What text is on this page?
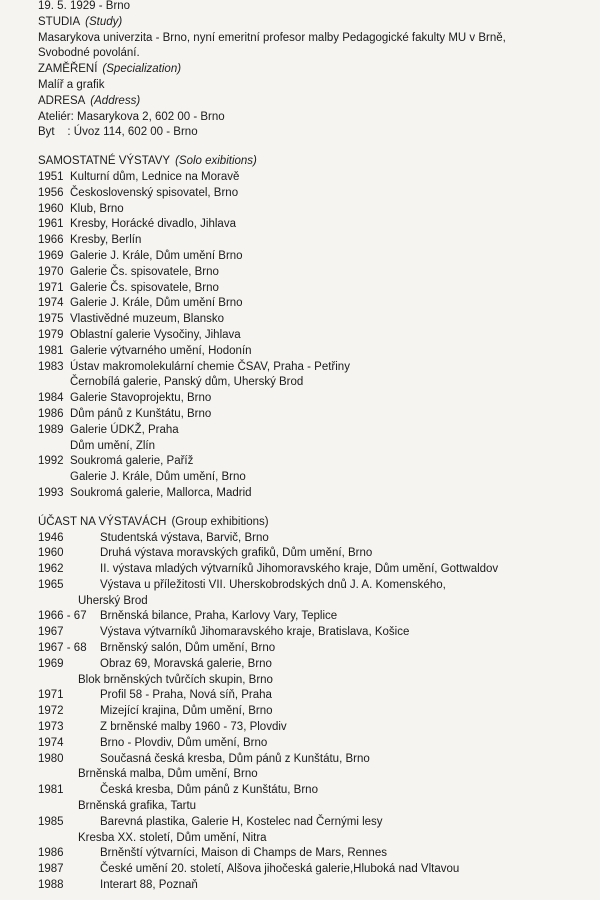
19. 5. 1929 - Brno
STUDIA (Study)
Masarykova univerzita - Brno, nyní emeritní profesor malby Pedagogické fakulty MU v Brně,
Svobodné povolání.
ZAMĚŘENÍ (Specialization)
Malíř a grafik
ADRESA (Address)
Ateliér: Masarykova 2, 602 00 - Brno
Byt    : Úvoz 114, 602 00 - Brno
SAMOSTATNÉ VÝSTAVY (Solo exibitions)
1951 Kulturní dům, Lednice na Moravě
1956 Československý spisovatel, Brno
1960 Klub, Brno
1961 Kresby, Horácké divadlo, Jihlava
1966 Kresby, Berlín
1969 Galerie J. Krále, Dům umění Brno
1970 Galerie Čs. spisovatele, Brno
1971 Galerie Čs. spisovatele, Brno
1974 Galerie J. Krále, Dům umění Brno
1975 Vlastivědné muzeum, Blansko
1979 Oblastní galerie Vysočiny, Jihlava
1981 Galerie výtvarného umění, Hodonín
1983 Ústav makromolekulární chemie ČSAV, Praha - Petřiny
Černobílá galerie, Panský dům, Uherský Brod
1984 Galerie Stavoprojektu, Brno
1986 Dům pánů z Kunštátu, Brno
1989 Galerie ÚDKŽ, Praha
Dům umění, Zlín
1992 Soukromá galerie, Paříž
Galerie J. Krále, Dům umění, Brno
1993 Soukromá galerie, Mallorca, Madrid
ÚČAST NA VÝSTAVÁCH (Group exhibitions)
1946	Studentská výstava, Barvič, Brno
1960	Druhá výstava moravských grafiků, Dům umění, Brno
1962	II. výstava mladých výtvarníků Jihomoravského kraje, Dům umění, Gottwaldov
1965	Výstava u příležitosti VII. Uherskobrodských dnů J. A. Komenského,
Uherský Brod
1966 - 67 Brněnská bilance, Praha, Karlovy Vary, Teplice
1967	Výstava výtvarníků Jihomaravského kraje, Bratislava, Košice
1967 - 68 Brněnský salón, Dům umění, Brno
1969	Obraz 69, Moravská galerie, Brno
Blok brněnských tvůrčích skupin, Brno
1971	Profil 58 - Praha, Nová síň, Praha
1972	Mizející krajina, Dům umění, Brno
1973	Z brněnské malby 1960 - 73, Plovdiv
1974	Brno - Plovdiv, Dům umění, Brno
1980	Současná česká kresba, Dům pánů z Kunštátu, Brno
Brněnská malba, Dům umění, Brno
1981	Česká kresba, Dům pánů z Kunštátu, Brno
Brněnská grafika, Tartu
1985	Barevná plastika, Galerie H, Kostelec nad Černými lesy
Kresba XX. století, Dům umění, Nitra
1986	Brněnští výtvarníci, Maison di Champs de Mars, Rennes
1987	České umění 20. století, Alšova jihočeská galerie,Hluboká nad Vltavou
1988	Interart 88, Poznaň
